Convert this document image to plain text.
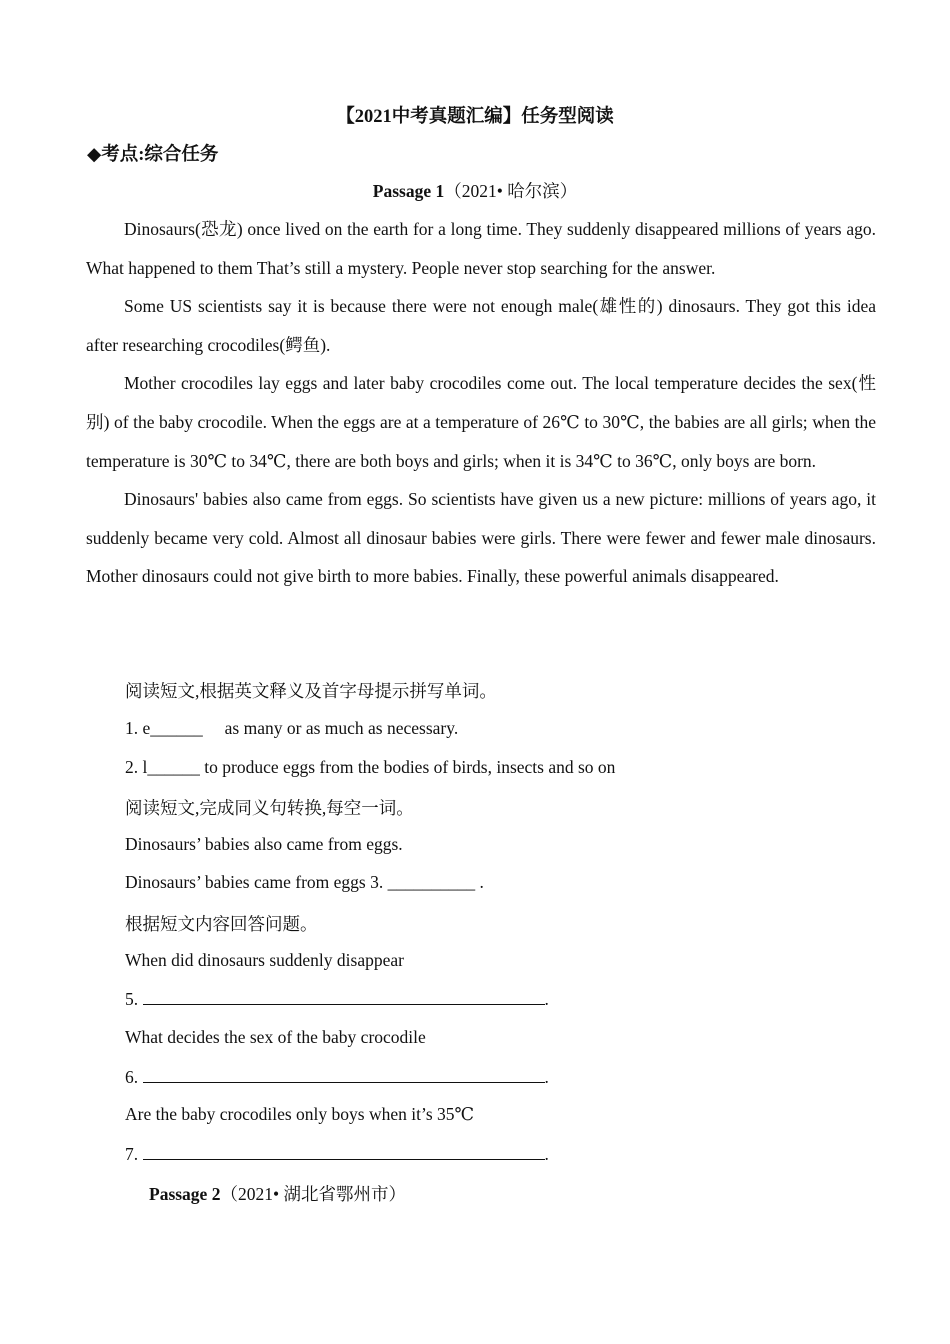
【2021中考真题汇编】任务型阅读
◆考点:综合任务
Passage 1（2021• 哈尔滨）

Dinosaurs(恐龙) once lived on the earth for a long time. They suddenly disappeared millions of years ago. What happened to them That’s still a mystery. People never stop searching for the answer.

Some US scientists say it is because there were not enough male(雄性的) dinosaurs. They got this idea after researching crocodiles(鳄鱼).

Mother crocodiles lay eggs and later baby crocodiles come out. The local temperature decides the sex(性别) of the baby crocodile. When the eggs are at a temperature of 26℃ to 30℃, the babies are all girls; when the temperature is 30℃ to 34℃, there are both boys and girls; when it is 34℃ to 36℃, only boys are born.

Dinosaurs' babies also came from eggs. So scientists have given us a new picture: millions of years ago, it suddenly became very cold. Almost all dinosaur babies were girls. There were fewer and fewer male dinosaurs. Mother dinosaurs could not give birth to more babies. Finally, these powerful animals disappeared.

阅读短文,根据英文释义及首字母提示拼写单词。
1. e______ as many or as much as necessary.
2. l______ to produce eggs from the bodies of birds, insects and so on
阅读短文,完成同义句转换,每空一词。
Dinosaurs’ babies also came from eggs.
Dinosaurs’ babies came from eggs 3. __________ .
根据短文内容回答问题。
When did dinosaurs suddenly disappear
5.	.
What decides the sex of the baby crocodile
6.	.
Are the baby crocodiles only boys when it’s 35℃
7.	.
Passage 2（2021• 湖北省鄂州市）
